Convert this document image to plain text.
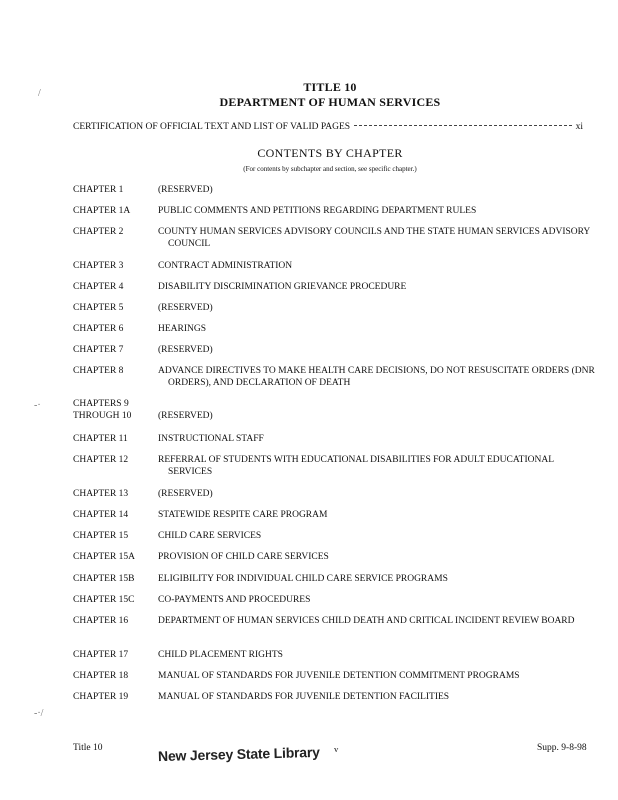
TITLE 10
DEPARTMENT OF HUMAN SERVICES
CERTIFICATION OF OFFICIAL TEXT AND LIST OF VALID PAGES	xi
CONTENTS BY CHAPTER
(For contents by subchapter and section, see specific chapter.)
CHAPTER 1	(RESERVED)
CHAPTER 1A	PUBLIC COMMENTS AND PETITIONS REGARDING DEPARTMENT RULES
CHAPTER 2	COUNTY HUMAN SERVICES ADVISORY COUNCILS AND THE STATE HUMAN SERVICES ADVISORY COUNCIL
CHAPTER 3	CONTRACT ADMINISTRATION
CHAPTER 4	DISABILITY DISCRIMINATION GRIEVANCE PROCEDURE
CHAPTER 5	(RESERVED)
CHAPTER 6	HEARINGS
CHAPTER 7	(RESERVED)
CHAPTER 8	ADVANCE DIRECTIVES TO MAKE HEALTH CARE DECISIONS, DO NOT RESUSCITATE ORDERS (DNR ORDERS), AND DECLARATION OF DEATH
CHAPTERS 9
THROUGH 10	(RESERVED)
CHAPTER 11	INSTRUCTIONAL STAFF
CHAPTER 12	REFERRAL OF STUDENTS WITH EDUCATIONAL DISABILITIES FOR ADULT EDUCATIONAL SERVICES
CHAPTER 13	(RESERVED)
CHAPTER 14	STATEWIDE RESPITE CARE PROGRAM
CHAPTER 15	CHILD CARE SERVICES
CHAPTER 15A	PROVISION OF CHILD CARE SERVICES
CHAPTER 15B	ELIGIBILITY FOR INDIVIDUAL CHILD CARE SERVICE PROGRAMS
CHAPTER 15C	CO-PAYMENTS AND PROCEDURES
CHAPTER 16	DEPARTMENT OF HUMAN SERVICES CHILD DEATH AND CRITICAL INCIDENT REVIEW BOARD
CHAPTER 17	CHILD PLACEMENT RIGHTS
CHAPTER 18	MANUAL OF STANDARDS FOR JUVENILE DETENTION COMMITMENT PROGRAMS
CHAPTER 19	MANUAL OF STANDARDS FOR JUVENILE DETENTION FACILITIES
Title 10	New Jersey State Library v	Supp. 9-8-98
/
-·
-·/
